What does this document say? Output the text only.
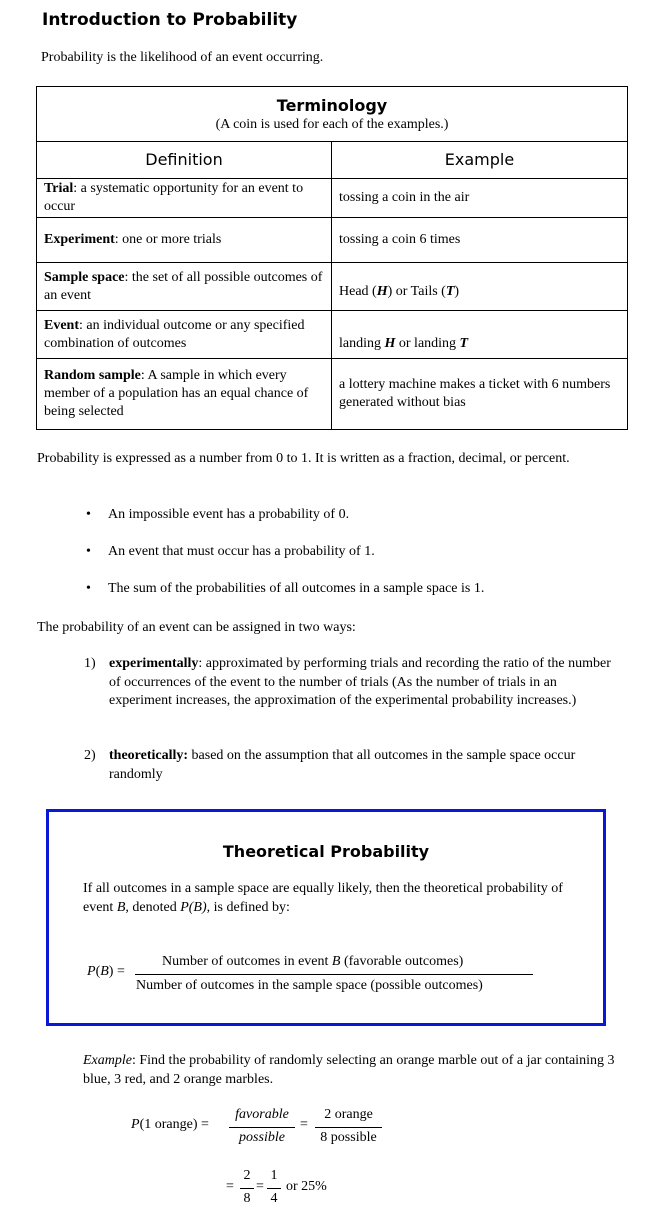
Introduction to Probability
Probability is the likelihood of an event occurring.
Terminology
(A coin is used for each of the examples.)	

Definition	Example
Trial: a systematic opportunity for an event to occur	tossing a coin in the air
Experiment: one or more trials	tossing a coin 6 times
Sample space: the set of all possible outcomes of an event	Head (H) or Tails (T)
Event: an individual outcome or any specified combination of outcomes	landing H or landing T
Random sample: A sample in which every member of a population has an equal chance of being selected	a lottery machine makes a ticket with 6 numbers generated without bias
Probability is expressed as a number from 0 to 1. It is written as a fraction, decimal, or percent.
• An impossible event has a probability of 0.
• An event that must occur has a probability of 1.
• The sum of the probabilities of all outcomes in a sample space is 1.
The probability of an event can be assigned in two ways:
1) experimentally: approximated by performing trials and recording the ratio of the number of occurrences of the event to the number of trials (As the number of trials in an experiment increases, the approximation of the experimental probability increases.)
2) theoretically: based on the assumption that all outcomes in the sample space occur randomly
Theoretical Probability
If all outcomes in a sample space are equally likely, then the theoretical probability of event B, denoted P(B), is defined by:
P(B) =
Number of outcomes in event B (favorable outcomes)
Number of outcomes in the sample space (possible outcomes)
Example: Find the probability of randomly selecting an orange marble out of a jar containing 3 blue, 3 red, and 2 orange marbles.
P(1 orange) =
favorable
possible
=
2 orange
8 possible
=
2
8
=
1
4
or 25%
